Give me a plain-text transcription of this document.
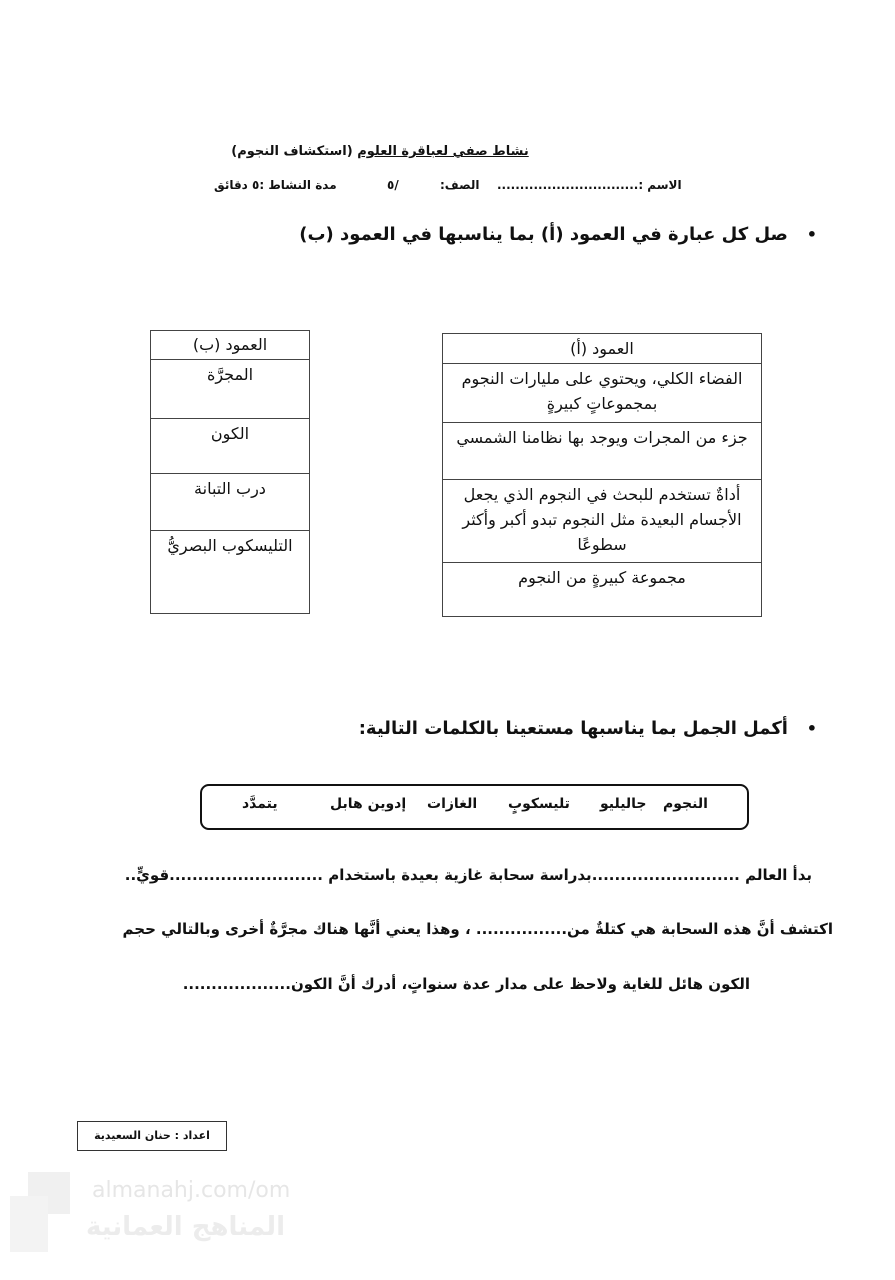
نشاط صفي لعباقرة العلوم (استكشاف النجوم)
الاسم :...............................
الصف:
٥/
مدة النشاط :٥ دقائق
•   صل كل عبارة في العمود (أ) بما يناسبها في العمود (ب)
العمود (ب)
المجرَّة
الكون
درب التبانة
التليسكوب البصريُّ
العمود (أ)
الفضاء الكلي، ويحتوي على مليارات النجوم بمجموعاتٍ كبيرةٍ
جزء من المجرات ويوجد بها نظامنا الشمسي
أداةٌ تستخدم للبحث في النجوم الذي يجعل الأجسام البعيدة مثل النجوم تبدو أكبر وأكثر سطوعًا
مجموعة كبيرةٍ من النجوم
•   أكمل الجمل بما يناسبها مستعينا بالكلمات التالية:
النجوم
جاليليو
تليسكوبٍ
الغازات
إدوين هابل
يتمدَّد
بدأ العالم ..........................بدراسة سحابة غازية بعيدة باستخدام ...........................قويٍّ..
اكتشف أنَّ هذه السحابة هي كتلةٌ من................ ، وهذا يعني أنَّها هناك مجرَّةٌ أخرى وبالتالي حجم
الكون هائل للغاية ولاحظ على مدار عدة سنواتٍ، أدرك أنَّ الكون...................
اعداد : حنان السعيدية
almanahj.com/om
المناهج العمانية
